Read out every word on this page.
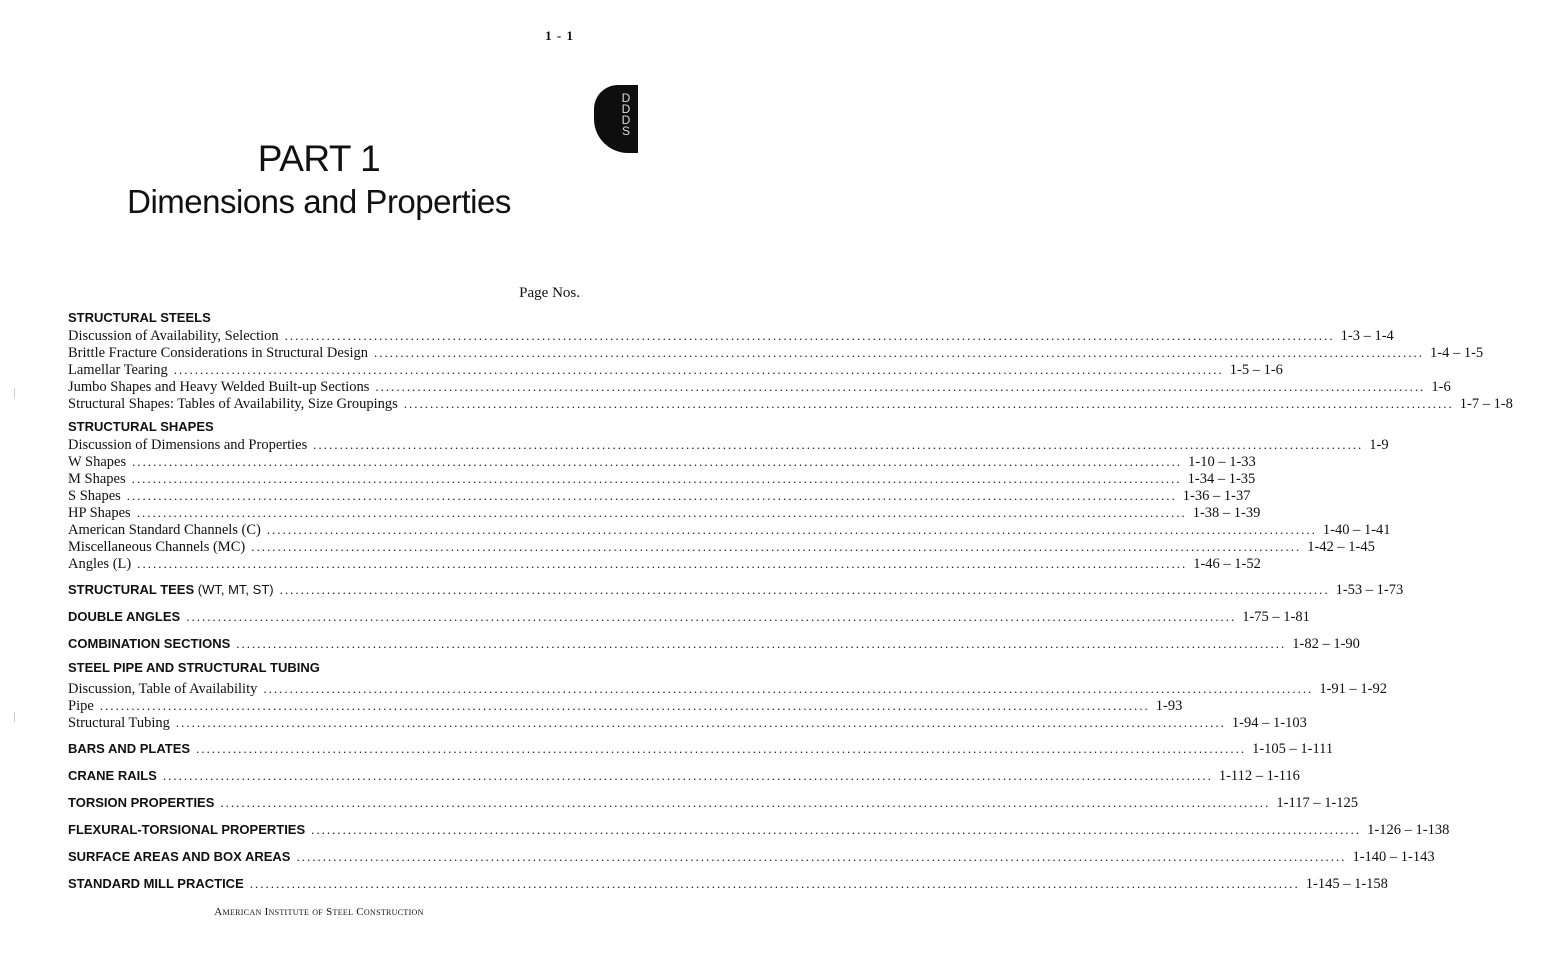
1 - 1
DDDS
PART 1
Dimensions and Properties
Page Nos.
STRUCTURAL STEELS
Discussion of Availability, Selection ........................................................................................................................................................................................................ 1-3 – 1-4
Brittle Fracture Considerations in Structural Design ........................................................................................................................................................................................................ 1-4 – 1-5
Lamellar Tearing ........................................................................................................................................................................................................ 1-5 – 1-6
Jumbo Shapes and Heavy Welded Built-up Sections ........................................................................................................................................................................................................ 1-6
Structural Shapes: Tables of Availability, Size Groupings ........................................................................................................................................................................................................ 1-7 – 1-8
STRUCTURAL SHAPES
Discussion of Dimensions and Properties ........................................................................................................................................................................................................ 1-9
W Shapes ........................................................................................................................................................................................................ 1-10 – 1-33
M Shapes ........................................................................................................................................................................................................ 1-34 – 1-35
S Shapes ........................................................................................................................................................................................................ 1-36 – 1-37
HP Shapes ........................................................................................................................................................................................................ 1-38 – 1-39
American Standard Channels (C) ........................................................................................................................................................................................................ 1-40 – 1-41
Miscellaneous Channels (MC) ........................................................................................................................................................................................................ 1-42 – 1-45
Angles (L) ........................................................................................................................................................................................................ 1-46 – 1-52
STRUCTURAL TEES (WT, MT, ST) ........................................................................................................................................................................................................ 1-53 – 1-73
DOUBLE ANGLES ........................................................................................................................................................................................................ 1-75 – 1-81
COMBINATION SECTIONS ........................................................................................................................................................................................................ 1-82 – 1-90
STEEL PIPE AND STRUCTURAL TUBING
Discussion, Table of Availability ........................................................................................................................................................................................................ 1-91 – 1-92
Pipe ........................................................................................................................................................................................................ 1-93
Structural Tubing ........................................................................................................................................................................................................ 1-94 – 1-103
BARS AND PLATES ........................................................................................................................................................................................................ 1-105 – 1-111
CRANE RAILS ........................................................................................................................................................................................................ 1-112 – 1-116
TORSION PROPERTIES ........................................................................................................................................................................................................ 1-117 – 1-125
FLEXURAL-TORSIONAL PROPERTIES ........................................................................................................................................................................................................ 1-126 – 1-138
SURFACE AREAS AND BOX AREAS ........................................................................................................................................................................................................ 1-140 – 1-143
STANDARD MILL PRACTICE ........................................................................................................................................................................................................ 1-145 – 1-158
American Institute of Steel Construction
